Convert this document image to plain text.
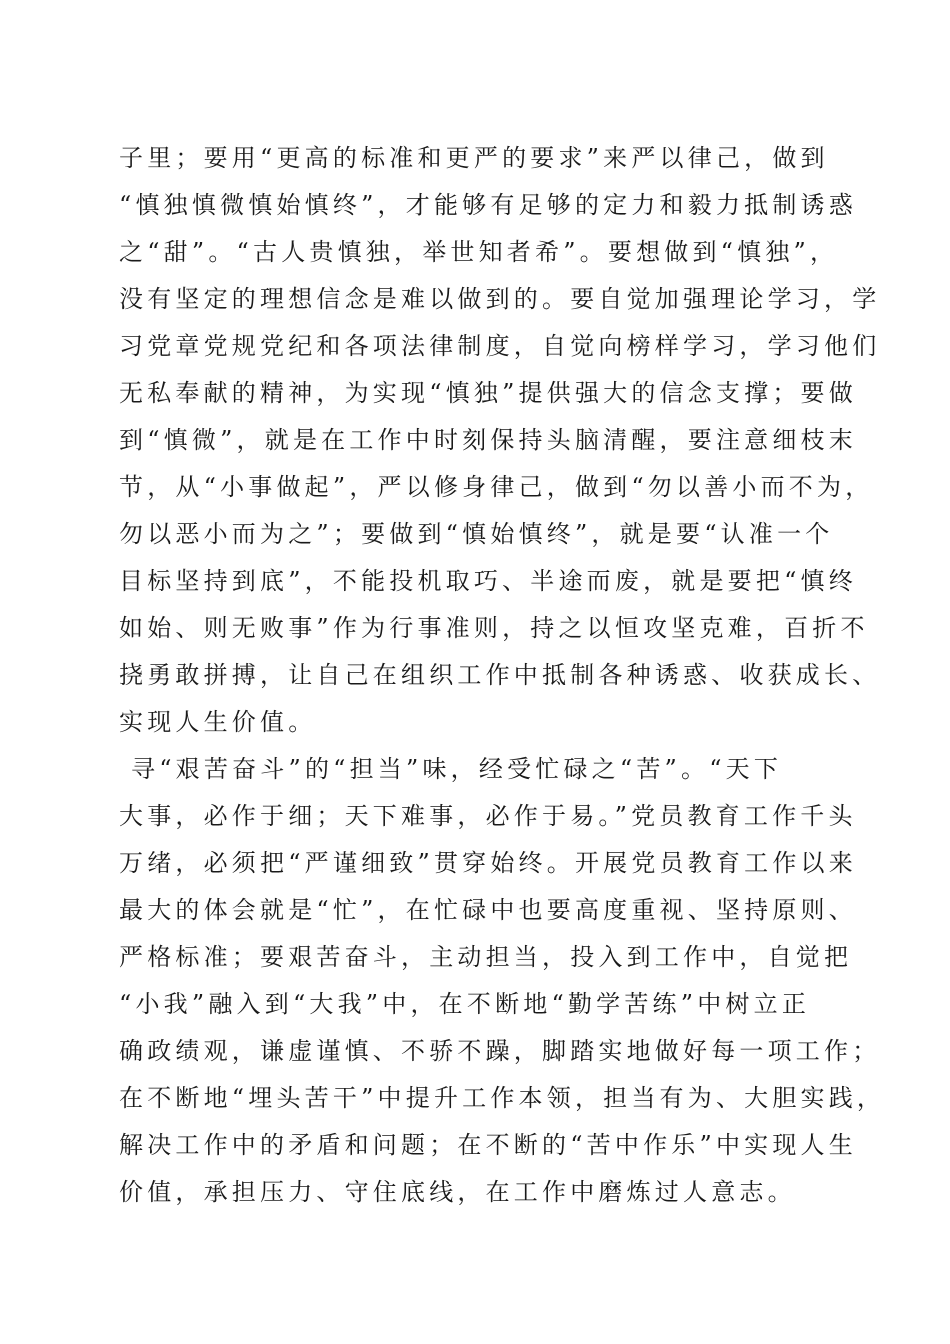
子里；要用“更高的标准和更严的要求”来严以律己，做到
“慎独慎微慎始慎终”，才能够有足够的定力和毅力抵制诱惑
之“甜”。“古人贵慎独，举世知者希”。要想做到“慎独”，
没有坚定的理想信念是难以做到的。要自觉加强理论学习，学
习党章党规党纪和各项法律制度，自觉向榜样学习，学习他们
无私奉献的精神，为实现“慎独”提供强大的信念支撑；要做
到“慎微”，就是在工作中时刻保持头脑清醒，要注意细枝末
节，从“小事做起”，严以修身律己，做到“勿以善小而不为，
勿以恶小而为之”；要做到“慎始慎终”，就是要“认准一个
目标坚持到底”，不能投机取巧、半途而废，就是要把“慎终
如始、则无败事”作为行事准则，持之以恒攻坚克难，百折不
挠勇敢拼搏，让自己在组织工作中抵制各种诱惑、收获成长、
实现人生价值。
寻“艰苦奋斗”的“担当”味，经受忙碌之“苦”。“天下
大事，必作于细；天下难事，必作于易。”党员教育工作千头
万绪，必须把“严谨细致”贯穿始终。开展党员教育工作以来
最大的体会就是“忙”，在忙碌中也要高度重视、坚持原则、
严格标准；要艰苦奋斗，主动担当，投入到工作中，自觉把
“小我”融入到“大我”中，在不断地“勤学苦练”中树立正
确政绩观，谦虚谨慎、不骄不躁，脚踏实地做好每一项工作；
在不断地“埋头苦干”中提升工作本领，担当有为、大胆实践，
解决工作中的矛盾和问题；在不断的“苦中作乐”中实现人生
价值，承担压力、守住底线，在工作中磨炼过人意志。
